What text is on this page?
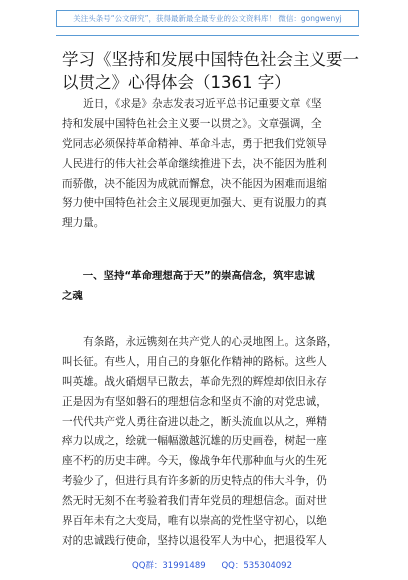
关注头条号“公文研究”，获得最新最全最专业的公文资料库！ 微信：gongwenyj
学习《坚持和发展中国特色社会主义要一
以贯之》心得体会（1361 字）
　　近日，《求是》杂志发表习近平总书记重要文章《坚
持和发展中国特色社会主义要一以贯之》。文章强调，全
党同志必须保持革命精神、革命斗志，勇于把我们党领导
人民进行的伟大社会革命继续推进下去，决不能因为胜利
而骄傲，决不能因为成就而懈怠，决不能因为困难而退缩
努力使中国特色社会主义展现更加强大、更有说服力的真
理力量。
　　一、坚持“革命理想高于天”的崇高信念，筑牢忠诚
之魂
　　有条路，永远镌刻在共产党人的心灵地图上。这条路，
叫长征。有些人，用自己的身躯化作精神的路标。这些人
叫英雄。战火硝烟早已散去，革命先烈的辉煌却依旧永存
正是因为有坚如磐石的理想信念和坚贞不渝的对党忠诚，
一代代共产党人勇往奋进以赴之，断头流血以从之，殚精
瘁力以成之，绘就一幅幅激越沉雄的历史画卷，树起一座
座不朽的历史丰碑。今天，像战争年代那种血与火的生死
考验少了，但进行具有许多新的历史特点的伟大斗争，仍
然无时无刻不在考验着我们青年党员的理想信念。面对世
界百年未有之大变局，唯有以崇高的党性坚守初心，以绝
对的忠诚践行使命，坚持以退役军人为中心，把退役军人
QQ群：31991489 QQ：535304092
